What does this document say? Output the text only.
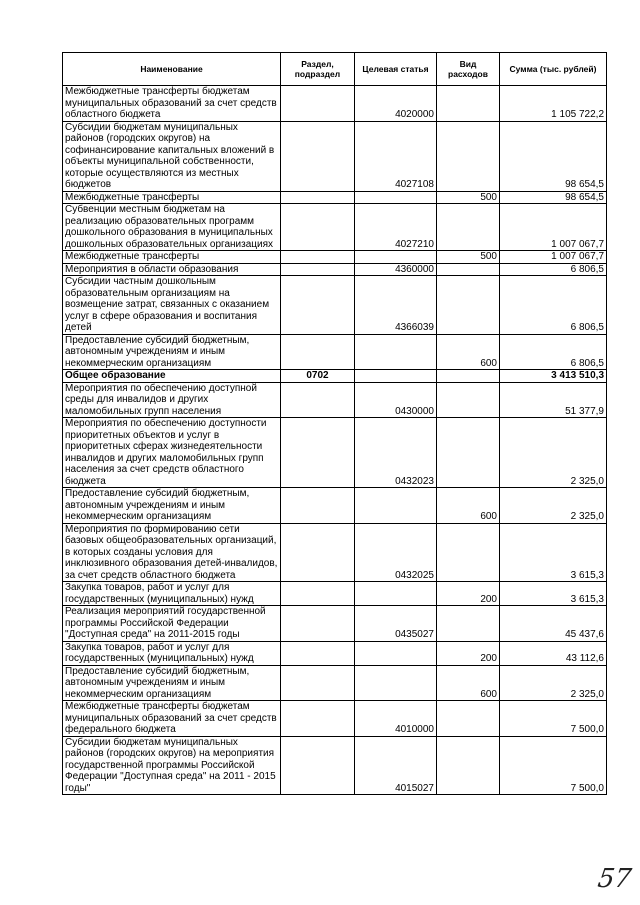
Наименование	Раздел, подраздел	Целевая статья	Вид расходов	Сумма (тыс. рублей)
Межбюджетные трансферты бюджетам муниципальных образований за счет средств областного бюджета		4020000		1 105 722,2
Субсидии бюджетам муниципальных районов (городских округов) на софинансирование капитальных вложений в объекты муниципальной собственности, которые осуществляются из местных бюджетов		4027108		98 654,5
Межбюджетные трансферты			500	98 654,5
Субвенции местным бюджетам на реализацию образовательных программ дошкольного образования в муниципальных дошкольных образовательных организациях		4027210		1 007 067,7
Межбюджетные трансферты			500	1 007 067,7
Мероприятия в области образования		4360000		6 806,5
Субсидии частным дошкольным образовательным организациям на возмещение затрат, связанных с оказанием услуг в сфере образования и воспитания детей		4366039		6 806,5
Предоставление субсидий бюджетным, автономным учреждениям и иным некоммерческим организациям			600	6 806,5
Общее образование	0702			3 413 510,3
Мероприятия по обеспечению доступной среды для инвалидов и других маломобильных групп населения		0430000		51 377,9
Мероприятия по обеспечению доступности приоритетных объектов и услуг в приоритетных сферах жизнедеятельности инвалидов и других маломобильных групп населения за счет средств областного бюджета		0432023		2 325,0
Предоставление субсидий бюджетным, автономным учреждениям и иным некоммерческим организациям			600	2 325,0
Мероприятия по формированию сети базовых общеобразовательных организаций, в которых созданы условия для инклюзивного образования детей-инвалидов, за счет средств областного бюджета		0432025		3 615,3
Закупка товаров, работ и услуг для государственных (муниципальных) нужд			200	3 615,3
Реализация мероприятий государственной программы Российской Федерации "Доступная среда" на 2011-2015 годы		0435027		45 437,6
Закупка товаров, работ и услуг для государственных (муниципальных) нужд			200	43 112,6
Предоставление субсидий бюджетным, автономным учреждениям и иным некоммерческим организациям			600	2 325,0
Межбюджетные трансферты бюджетам муниципальных образований за счет средств федерального бюджета		4010000		7 500,0
Субсидии бюджетам муниципальных районов (городских округов) на мероприятия государственной программы Российской Федерации "Доступная среда" на 2011 - 2015 годы"		4015027		7 500,0
57
